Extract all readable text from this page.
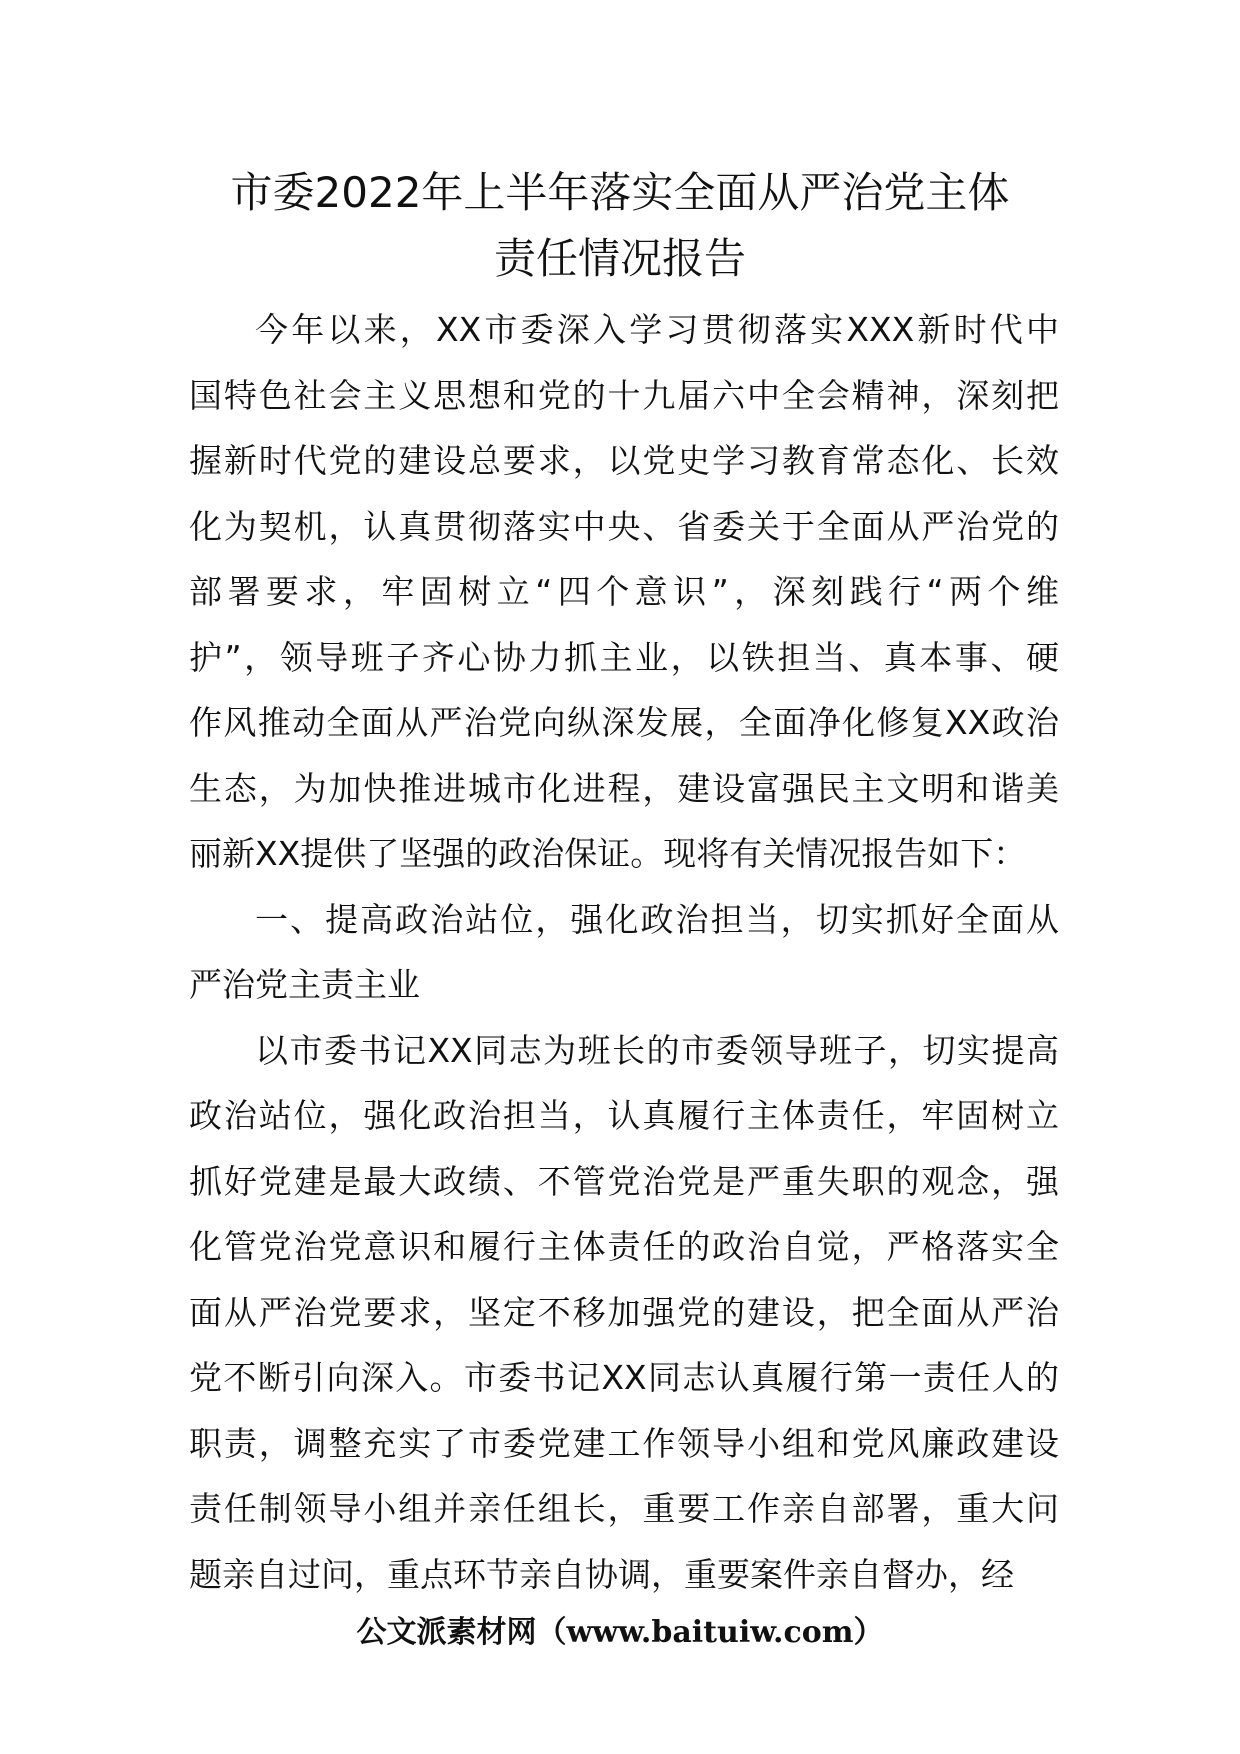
市委2022年上半年落实全面从严治党主体
责任情况报告
今年以来，XX市委深入学习贯彻落实XXX新时代中
国特色社会主义思想和党的十九届六中全会精神，深刻把
握新时代党的建设总要求，以党史学习教育常态化、长效
化为契机，认真贯彻落实中央、省委关于全面从严治党的
部署要求，牢固树立“四个意识”，深刻践行“两个维
护”，领导班子齐心协力抓主业，以铁担当、真本事、硬
作风推动全面从严治党向纵深发展，全面净化修复XX政治
生态，为加快推进城市化进程，建设富强民主文明和谐美
丽新XX提供了坚强的政治保证。现将有关情况报告如下：
一、提高政治站位，强化政治担当，切实抓好全面从
严治党主责主业
以市委书记XX同志为班长的市委领导班子，切实提高
政治站位，强化政治担当，认真履行主体责任，牢固树立
抓好党建是最大政绩、不管党治党是严重失职的观念，强
化管党治党意识和履行主体责任的政治自觉，严格落实全
面从严治党要求，坚定不移加强党的建设，把全面从严治
党不断引向深入。市委书记XX同志认真履行第一责任人的
职责，调整充实了市委党建工作领导小组和党风廉政建设
责任制领导小组并亲任组长，重要工作亲自部署，重大问
题亲自过问，重点环节亲自协调，重要案件亲自督办，经
公文派素材网（www.baituiw.com）
